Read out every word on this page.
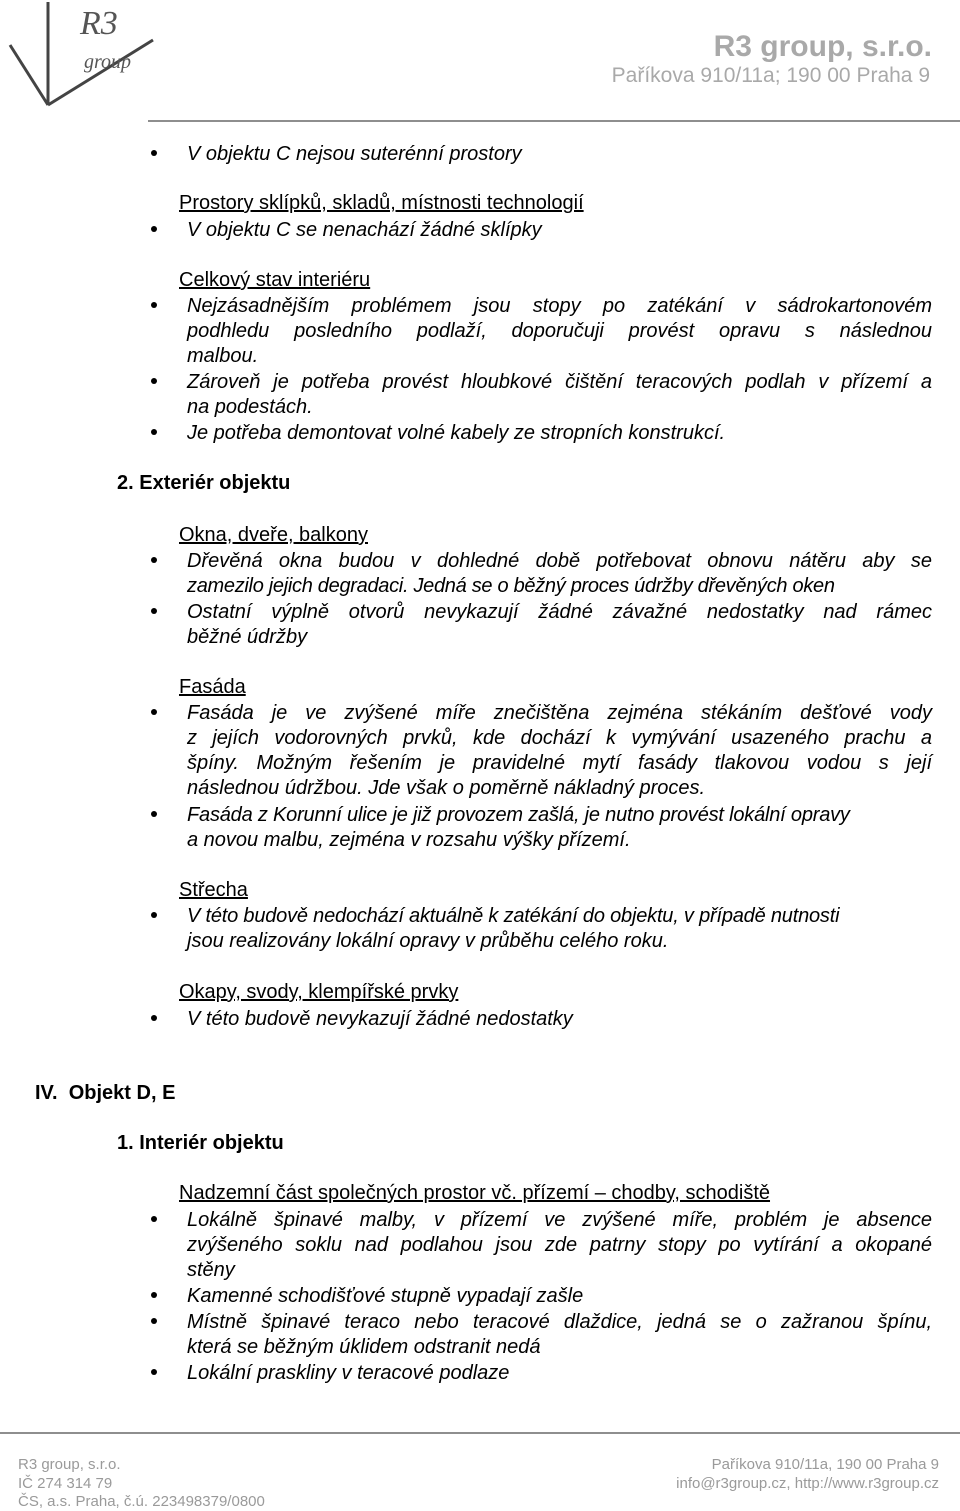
R3
group	R3 group, s.r.o.
Paříkova 910/11a; 190 00 Praha 9
V objektu C nejsou suterénní prostory
Prostory sklípků, skladů, místnosti technologií
V objektu C se nenachází žádné sklípky
Celkový stav interiéru
Nejzásadnějším problémem jsou stopy po zatékání v sádrokartonovém
podhledu posledního podlaží, doporučuji provést opravu s následnou
malbou.
Zároveň je potřeba provést hloubkové čištění teracových podlah v přízemí a
na podestách.
Je potřeba demontovat volné kabely ze stropních konstrukcí.
2. Exteriér objektu
Okna, dveře, balkony
Dřevěná okna budou v dohledné době potřebovat obnovu nátěru aby se
zamezilo jejich degradaci. Jedná se o běžný proces údržby dřevěných oken
Ostatní výplně otvorů nevykazují žádné závažné nedostatky nad rámec
běžné údržby
Fasáda
Fasáda je ve zvýšené míře znečištěna zejména stékáním dešťové vody
z jejích vodorovných prvků, kde dochází k vymývání usazeného prachu a
špíny. Možným řešením je pravidelné mytí fasády tlakovou vodou s její
následnou údržbou. Jde však o poměrně nákladný proces.
Fasáda z Korunní ulice je již provozem zašlá, je nutno provést lokální opravy
a novou malbu, zejména v rozsahu výšky přízemí.
Střecha
V této budově nedochází aktuálně k zatékání do objektu, v případě nutnosti
jsou realizovány lokální opravy v průběhu celého roku.
Okapy, svody, klempířské prvky
V této budově nevykazují žádné nedostatky
IV.  Objekt D, E
1. Interiér objektu
Nadzemní část společných prostor vč. přízemí – chodby, schodiště
Lokálně špinavé malby, v přízemí ve zvýšené míře, problém je absence
zvýšeného soklu nad podlahou jsou zde patrny stopy po vytírání a okopané
stěny
Kamenné schodišťové stupně vypadají zašle
Místně špinavé teraco nebo teracové dlaždice, jedná se o zažranou špínu,
která se běžným úklidem odstranit nedá
Lokální praskliny v teracové podlaze
R3 group, s.r.o.
IČ 274 314 79
ČS, a.s. Praha, č.ú. 223498379/0800
Paříkova 910/11a, 190 00 Praha 9
info@r3group.cz, http://www.r3group.cz
